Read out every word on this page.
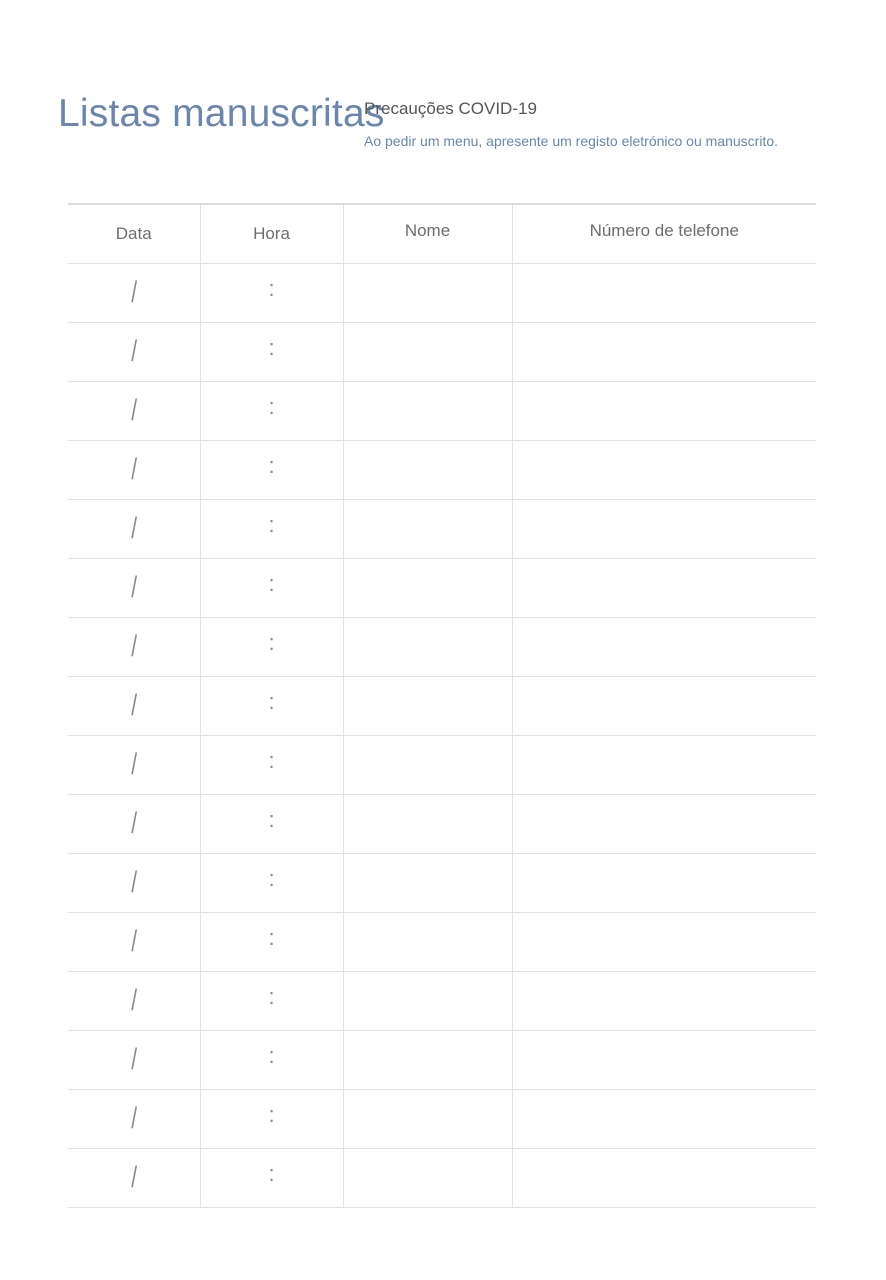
Listas manuscritas
Precauções COVID-19
Ao pedir um menu, apresente um registo eletrónico ou manuscrito.
Data	Hora	Nome	Número de telefone
/	:		
/	:		
/	:		
/	:		
/	:		
/	:		
/	:		
/	:		
/	:		
/	:		
/	:		
/	:		
/	:		
/	:		
/	:		
/	:		
